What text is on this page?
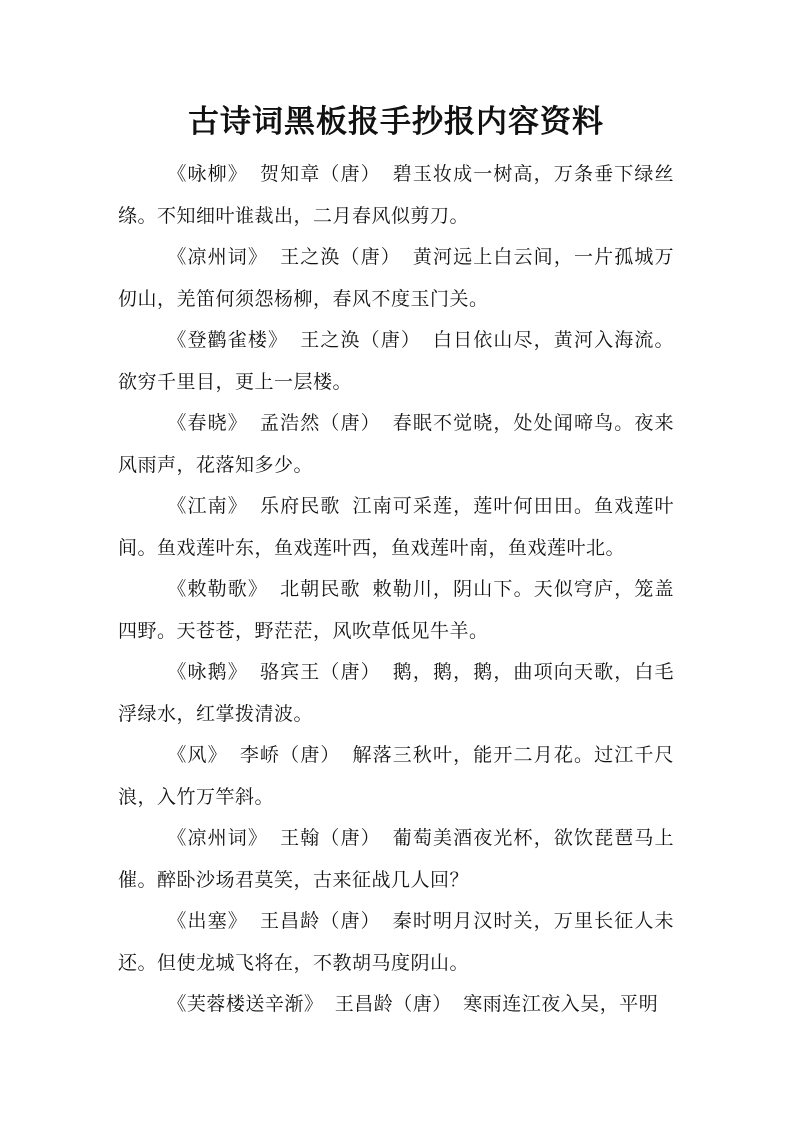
古诗词黑板报手抄报内容资料

《咏柳》 贺知章（唐） 碧玉妆成一树高，万条垂下绿丝绦。不知细叶谁裁出，二月春风似剪刀。

《凉州词》 王之涣（唐） 黄河远上白云间，一片孤城万仞山，羌笛何须怨杨柳，春风不度玉门关。

《登鹳雀楼》 王之涣（唐） 白日依山尽，黄河入海流。欲穷千里目，更上一层楼。

《春晓》 孟浩然（唐） 春眠不觉晓，处处闻啼鸟。夜来风雨声，花落知多少。

《江南》 乐府民歌 江南可采莲，莲叶何田田。鱼戏莲叶间。鱼戏莲叶东，鱼戏莲叶西，鱼戏莲叶南，鱼戏莲叶北。

《敕勒歌》 北朝民歌 敕勒川，阴山下。天似穹庐，笼盖四野。天苍苍，野茫茫，风吹草低见牛羊。

《咏鹅》 骆宾王（唐） 鹅，鹅，鹅，曲项向天歌，白毛浮绿水，红掌拨清波。

《风》 李峤（唐） 解落三秋叶，能开二月花。过江千尺浪，入竹万竿斜。

《凉州词》 王翰（唐） 葡萄美酒夜光杯，欲饮琵琶马上催。醉卧沙场君莫笑，古来征战几人回？

《出塞》 王昌龄（唐） 秦时明月汉时关，万里长征人未还。但使龙城飞将在，不教胡马度阴山。

《芙蓉楼送辛渐》 王昌龄（唐） 寒雨连江夜入吴，平明
